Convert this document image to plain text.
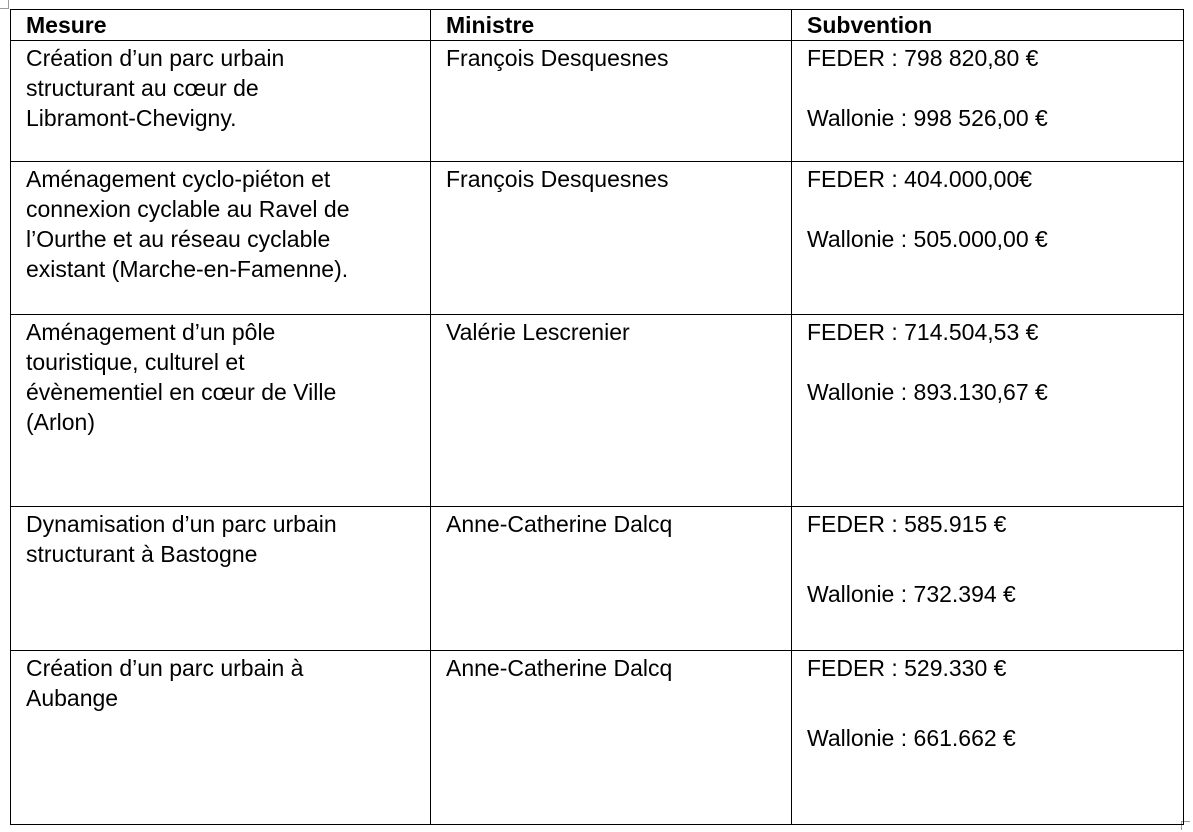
Mesure	Ministre	Subvention

Création d’un parc urbain
structurant au cœur de
Libramont-Chevigny.	François Desquesnes	FEDER : 798 820,80 €
Wallonie : 998 526,00 €

Aménagement cyclo-piéton et
connexion cyclable au Ravel de
l’Ourthe et au réseau cyclable
existant (Marche-en-Famenne).	François Desquesnes	FEDER : 404.000,00€
Wallonie : 505.000,00 €

Aménagement d’un pôle
touristique, culturel et
évènementiel en cœur de Ville
(Arlon)	Valérie Lescrenier	FEDER : 714.504,53 €
Wallonie : 893.130,67 €

Dynamisation d’un parc urbain
structurant à Bastogne	Anne-Catherine Dalcq	FEDER : 585.915 €
Wallonie : 732.394 €

Création d’un parc urbain à
Aubange	Anne-Catherine Dalcq	FEDER : 529.330 €
Wallonie : 661.662 €
